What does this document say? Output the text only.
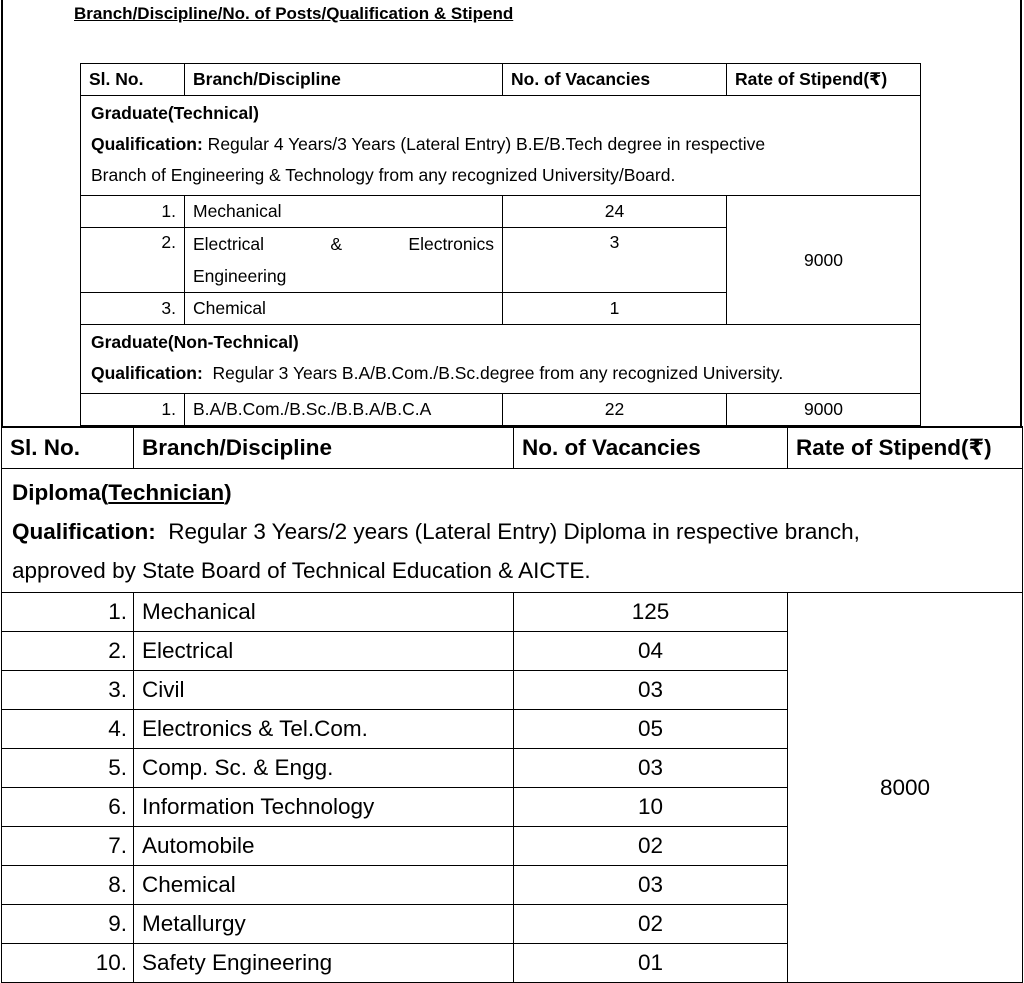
Branch/Discipline/No. of Posts/Qualification & Stipend
Sl. No.	Branch/Discipline	No. of Vacancies	Rate of Stipend(₹)

Graduate(Technical)
Qualification: Regular 4 Years/3 Years (Lateral Entry) B.E/B.Tech degree in respective
Branch of Engineering & Technology from any recognized University/Board.			

1.	Mechanical	24	9000
2.	Electrical & Electronics
Engineering	3	
3.	Chemical	1	

Graduate(Non-Technical)
Qualification:  Regular 3 Years B.A/B.Com./B.Sc.degree from any recognized University.			

1.	B.A/B.Com./B.Sc./B.B.A/B.C.A	22	9000
Sl. No.	Branch/Discipline	No. of Vacancies	Rate of Stipend(₹)

Diploma(Technician)
Qualification:  Regular 3 Years/2 years (Lateral Entry) Diploma in respective branch,
approved by State Board of Technical Education & AICTE.			

1.	Mechanical	125	8000
2.	Electrical	04	
3.	Civil	03	
4.	Electronics & Tel.Com.	05	
5.	Comp. Sc. & Engg.	03	
6.	Information Technology	10	
7.	Automobile	02	
8.	Chemical	03	
9.	Metallurgy	02	
10.	Safety Engineering	01	
